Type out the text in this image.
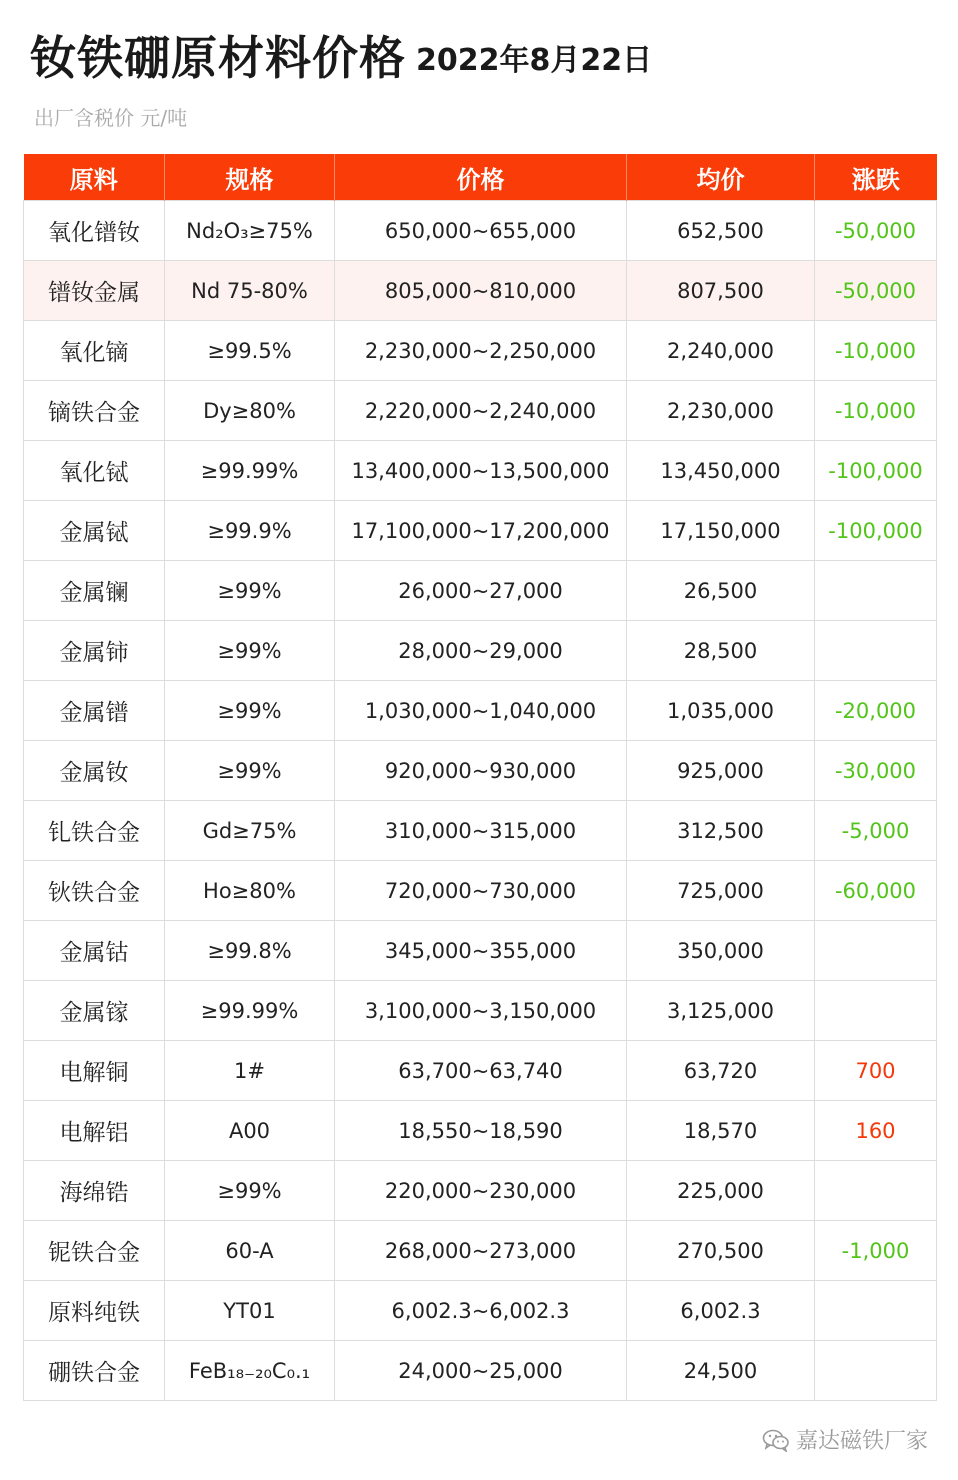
钕铁硼原材料价格 2022年8月22日
出厂含税价 元/吨
原料	规格	价格	均价	涨跌
氧化镨钕	Nd₂O₃≥75%	650,000~655,000	652,500	-50,000
镨钕金属	Nd 75-80%	805,000~810,000	807,500	-50,000
氧化镝	≥99.5%	2,230,000~2,250,000	2,240,000	-10,000
镝铁合金	Dy≥80%	2,220,000~2,240,000	2,230,000	-10,000
氧化铽	≥99.99%	13,400,000~13,500,000	13,450,000	-100,000
金属铽	≥99.9%	17,100,000~17,200,000	17,150,000	-100,000
金属镧	≥99%	26,000~27,000	26,500	
金属铈	≥99%	28,000~29,000	28,500	
金属镨	≥99%	1,030,000~1,040,000	1,035,000	-20,000
金属钕	≥99%	920,000~930,000	925,000	-30,000
钆铁合金	Gd≥75%	310,000~315,000	312,500	-5,000
钬铁合金	Ho≥80%	720,000~730,000	725,000	-60,000
金属钴	≥99.8%	345,000~355,000	350,000	
金属镓	≥99.99%	3,100,000~3,150,000	3,125,000	
电解铜	1#	63,700~63,740	63,720	700
电解铝	A00	18,550~18,590	18,570	160
海绵锆	≥99%	220,000~230,000	225,000	
铌铁合金	60-A	268,000~273,000	270,500	-1,000
原料纯铁	YT01	6,002.3~6,002.3	6,002.3	
硼铁合金	FeB₁₈₋₂₀C₀.₁	24,000~25,000	24,500	
嘉达磁铁厂家
